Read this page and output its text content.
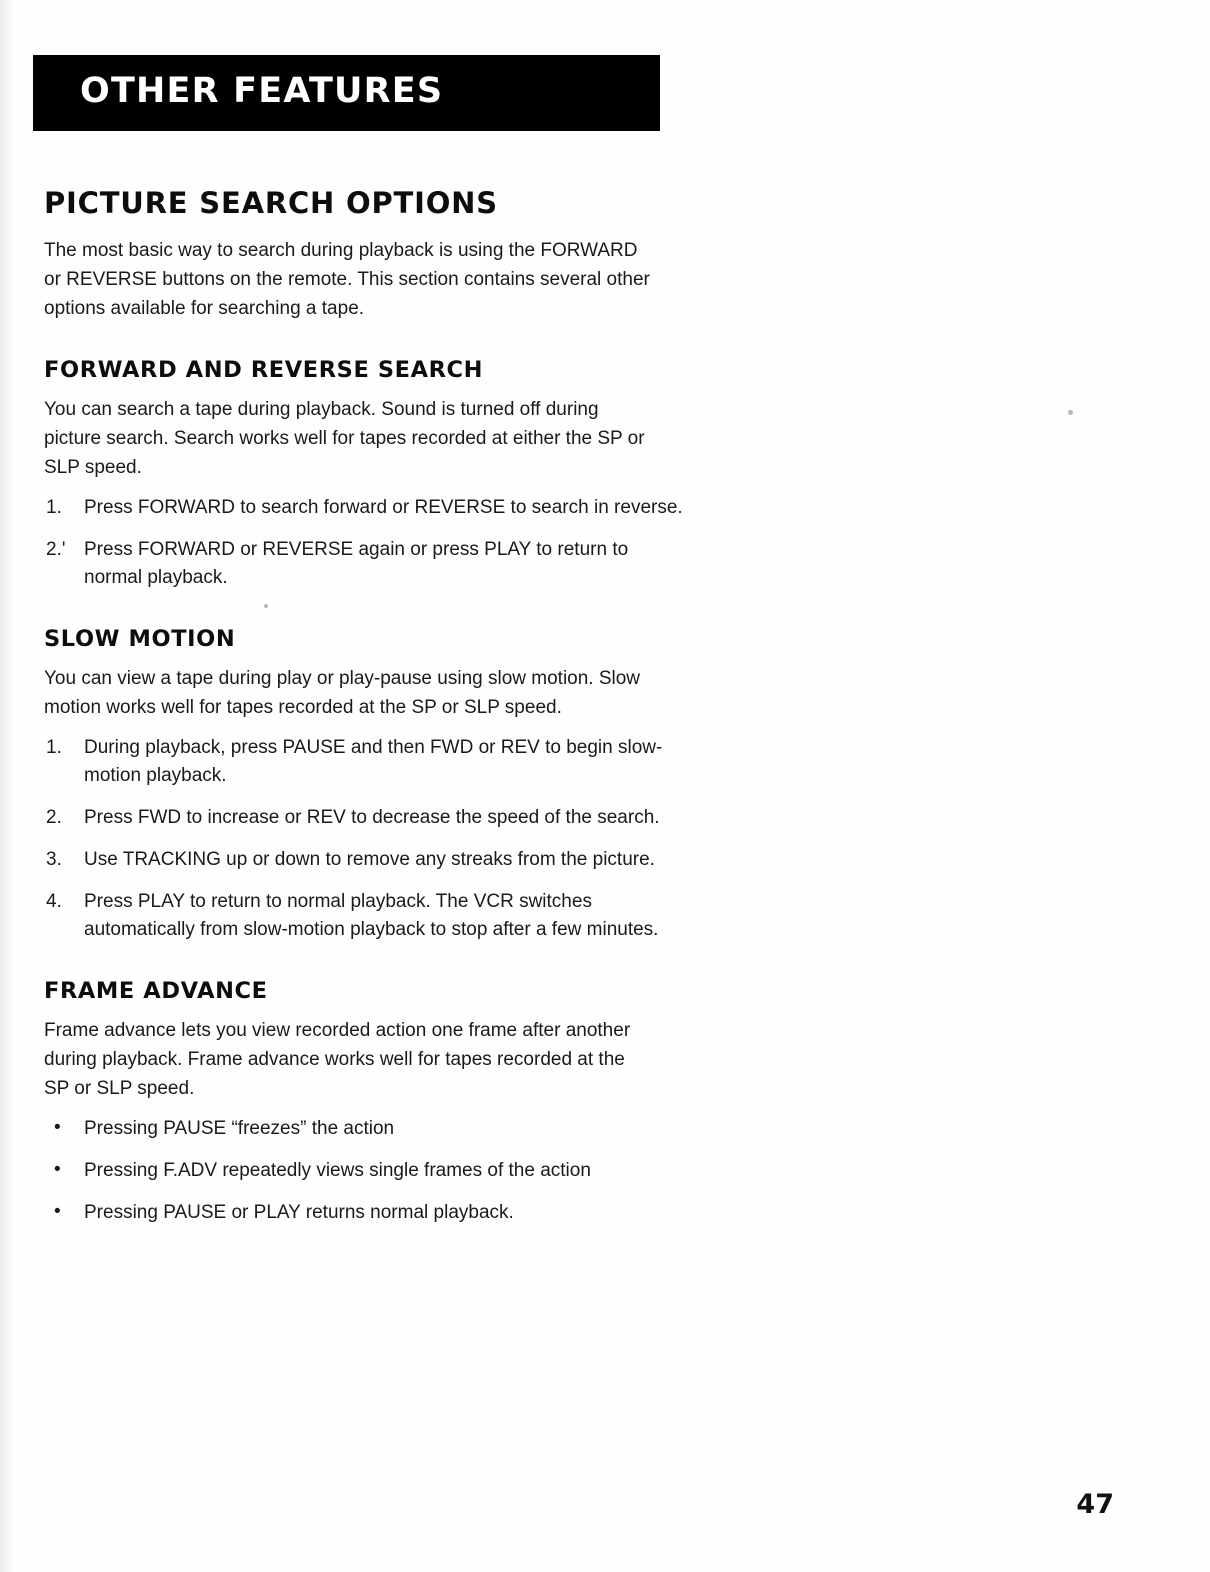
OTHER FEATURES
PICTURE SEARCH OPTIONS

The most basic way to search during playback is using the FORWARD or REVERSE buttons on the remote. This section contains several other options available for searching a tape.

FORWARD AND REVERSE SEARCH

You can search a tape during playback. Sound is turned off during picture search. Search works well for tapes recorded at either the SP or SLP speed.

1. Press FORWARD to search forward or REVERSE to search in reverse.
2.' Press FORWARD or REVERSE again or press PLAY to return to normal playback.
SLOW MOTION

You can view a tape during play or play-pause using slow motion. Slow motion works well for tapes recorded at the SP or SLP speed.

1. During playback, press PAUSE and then FWD or REV to begin slow-motion playback.
2. Press FWD to increase or REV to decrease the speed of the search.
3. Use TRACKING up or down to remove any streaks from the picture.
4. Press PLAY to return to normal playback. The VCR switches automatically from slow-motion playback to stop after a few minutes.
FRAME ADVANCE

Frame advance lets you view recorded action one frame after another during playback. Frame advance works well for tapes recorded at the SP or SLP speed.

• Pressing PAUSE “freezes” the action
• Pressing F.ADV repeatedly views single frames of the action
• Pressing PAUSE or PLAY returns normal playback.
47
